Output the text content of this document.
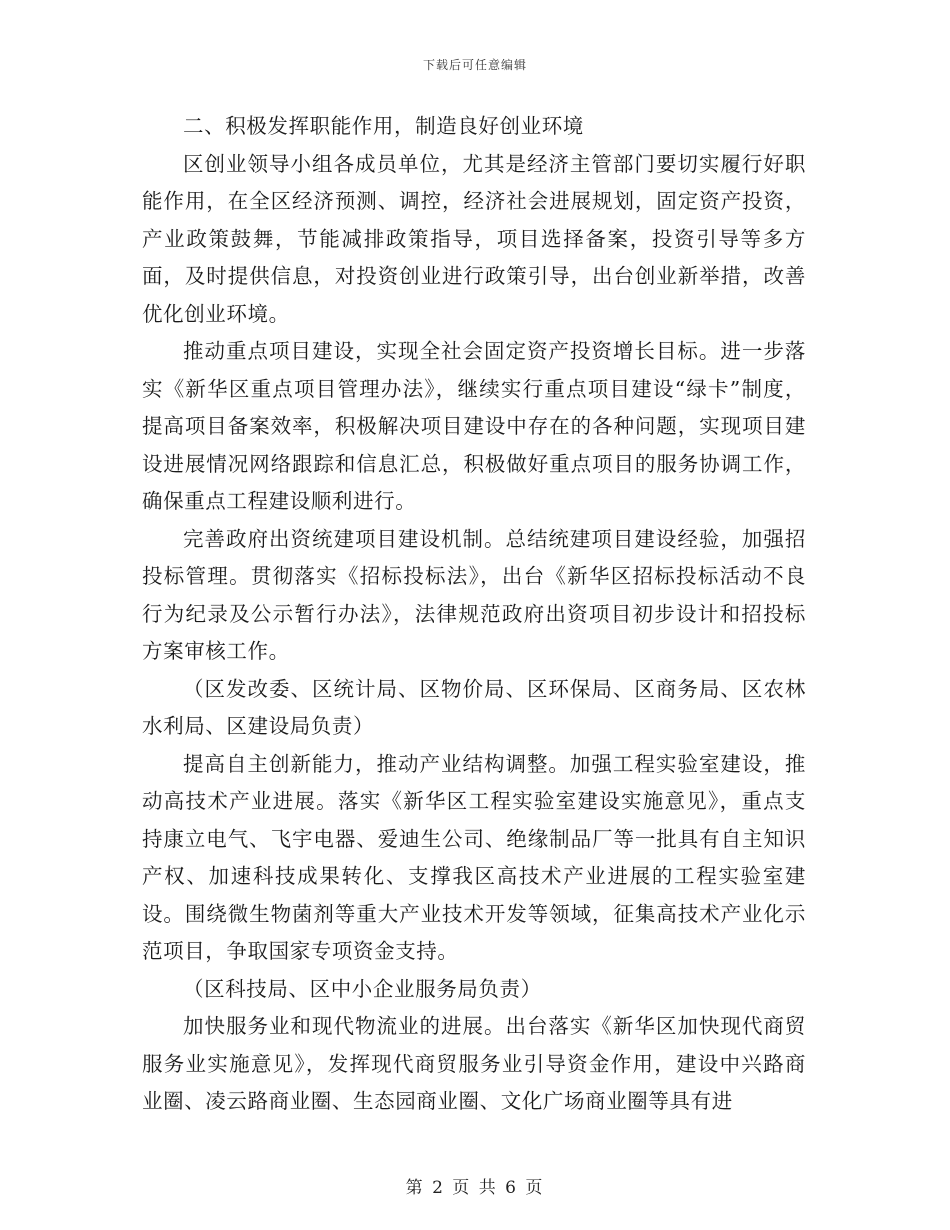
下载后可任意编辑

二、积极发挥职能作用，制造良好创业环境

区创业领导小组各成员单位，尤其是经济主管部门要切实履行好职能作用，在全区经济预测、调控，经济社会进展规划，固定资产投资，产业政策鼓舞，节能减排政策指导，项目选择备案，投资引导等多方面，及时提供信息，对投资创业进行政策引导，出台创业新举措，改善优化创业环境。

推动重点项目建设，实现全社会固定资产投资增长目标。进一步落实《新华区重点项目管理办法》，继续实行重点项目建设“绿卡”制度，提高项目备案效率，积极解决项目建设中存在的各种问题，实现项目建设进展情况网络跟踪和信息汇总，积极做好重点项目的服务协调工作，确保重点工程建设顺利进行。

完善政府出资统建项目建设机制。总结统建项目建设经验，加强招投标管理。贯彻落实《招标投标法》，出台《新华区招标投标活动不良行为纪录及公示暂行办法》，法律规范政府出资项目初步设计和招投标方案审核工作。

（区发改委、区统计局、区物价局、区环保局、区商务局、区农林水利局、区建设局负责）

提高自主创新能力，推动产业结构调整。加强工程实验室建设，推动高技术产业进展。落实《新华区工程实验室建设实施意见》，重点支持康立电气、飞宇电器、爱迪生公司、绝缘制品厂等一批具有自主知识产权、加速科技成果转化、支撑我区高技术产业进展的工程实验室建设。围绕微生物菌剂等重大产业技术开发等领域，征集高技术产业化示范项目，争取国家专项资金支持。

（区科技局、区中小企业服务局负责）

加快服务业和现代物流业的进展。出台落实《新华区加快现代商贸服务业实施意见》，发挥现代商贸服务业引导资金作用，建设中兴路商业圈、凌云路商业圈、生态园商业圈、文化广场商业圈等具有进

第 2 页 共 6 页
